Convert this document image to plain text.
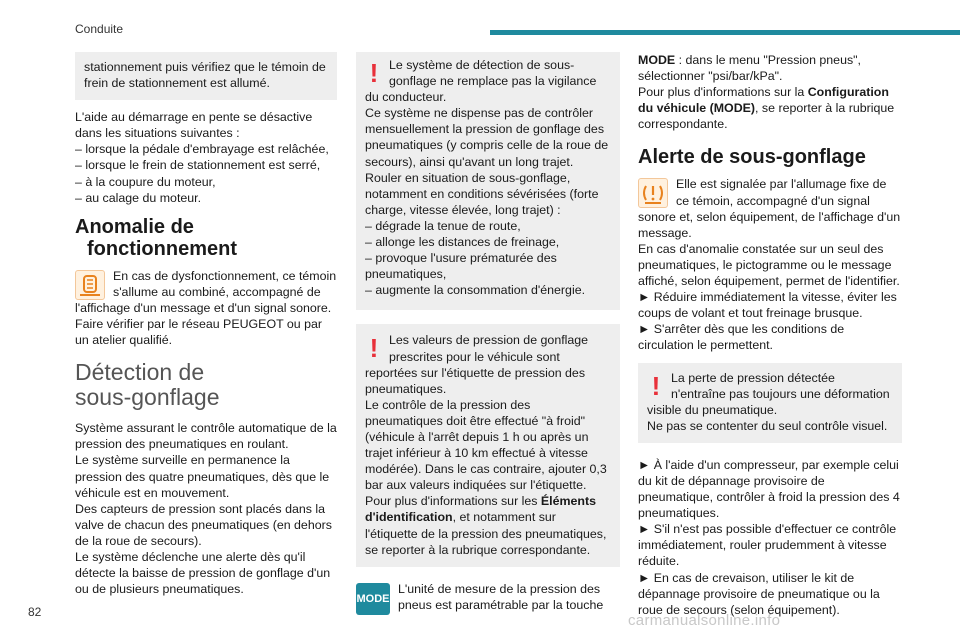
Conduite

stationnement puis vérifiez que le témoin de frein de stationnement est allumé.

L'aide au démarrage en pente se désactive dans les situations suivantes :

– lorsque la pédale d'embrayage est relâchée,
– lorsque le frein de stationnement est serré,
– à la coupure du moteur,
– au calage du moteur.
Anomalie de
fonctionnement

En cas de dysfonctionnement, ce témoin s'allume au combiné, accompagné de l'affichage d'un message et d'un signal sonore.

Faire vérifier par le réseau PEUGEOT ou par un atelier qualifié.

Détection de
sous-gonflage

Système assurant le contrôle automatique de la pression des pneumatiques en roulant.

Le système surveille en permanence la pression des quatre pneumatiques, dès que le véhicule est en mouvement.

Des capteurs de pression sont placés dans la valve de chacun des pneumatiques (en dehors de la roue de secours).

Le système déclenche une alerte dès qu'il détecte la baisse de pression de gonflage d'un ou de plusieurs pneumatiques.

! Le système de détection de sous-gonflage ne remplace pas la vigilance du conducteur.

Ce système ne dispense pas de contrôler mensuellement la pression de gonflage des pneumatiques (y compris celle de la roue de secours), ainsi qu'avant un long trajet.

Rouler en situation de sous-gonflage, notamment en conditions sévérisées (forte charge, vitesse élevée, long trajet) :

– dégrade la tenue de route,
– allonge les distances de freinage,
– provoque l'usure prématurée des pneumatiques,
– augmente la consommation d'énergie.
! Les valeurs de pression de gonflage prescrites pour le véhicule sont reportées sur l'étiquette de pression des pneumatiques.

Le contrôle de la pression des pneumatiques doit être effectué "à froid" (véhicule à l'arrêt depuis 1 h ou après un trajet inférieur à 10 km effectué à vitesse modérée). Dans le cas contraire, ajouter 0,3 bar aux valeurs indiquées sur l'étiquette.

Pour plus d'informations sur les Éléments d'identification, et notamment sur l'étiquette de la pression des pneumatiques, se reporter à la rubrique correspondante.

MODE

L'unité de mesure de la pression des pneus est paramétrable par la touche

MODE : dans le menu "Pression pneus", sélectionner "psi/bar/kPa".

Pour plus d'informations sur la Configuration du véhicule (MODE), se reporter à la rubrique correspondante.

Alerte de sous-gonflage

Elle est signalée par l'allumage fixe de ce témoin, accompagné d'un signal sonore et, selon équipement, de l'affichage d'un message.

En cas d'anomalie constatée sur un seul des pneumatiques, le pictogramme ou le message affiché, selon équipement, permet de l'identifier.

► Réduire immédiatement la vitesse, éviter les coups de volant et tout freinage brusque.

► S'arrêter dès que les conditions de circulation le permettent.

! La perte de pression détectée n'entraîne pas toujours une déformation visible du pneumatique.

Ne pas se contenter du seul contrôle visuel.

► À l'aide d'un compresseur, par exemple celui du kit de dépannage provisoire de pneumatique, contrôler à froid la pression des 4 pneumatiques.

► S'il n'est pas possible d'effectuer ce contrôle immédiatement, rouler prudemment à vitesse réduite.

► En cas de crevaison, utiliser le kit de dépannage provisoire de pneumatique ou la roue de secours (selon équipement).

82	carmanualsonline.info
